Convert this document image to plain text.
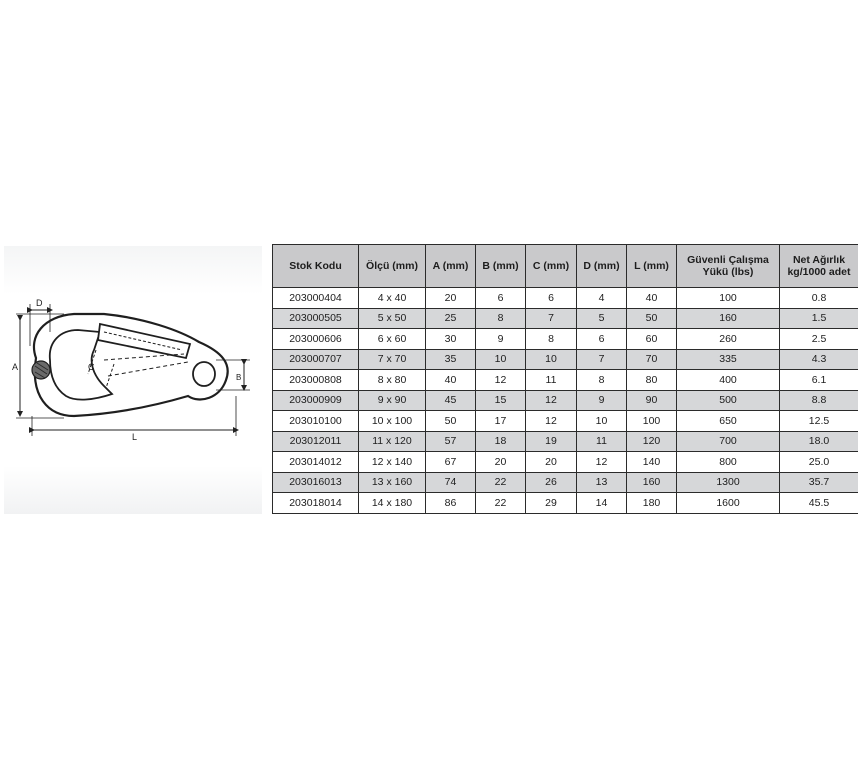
C
D
A
B
L
Stok Kodu	Ölçü (mm)	A (mm)	B (mm)	C (mm)	D (mm)	L (mm)	Güvenli Çalışma Yükü (lbs)	Net Ağırlık kg/1000 adet
203000404	4 x 40	20	6	6	4	40	100	0.8
203000505	5 x 50	25	8	7	5	50	160	1.5
203000606	6 x 60	30	9	8	6	60	260	2.5
203000707	7 x 70	35	10	10	7	70	335	4.3
203000808	8 x 80	40	12	11	8	80	400	6.1
203000909	9 x 90	45	15	12	9	90	500	8.8
203010100	10 x 100	50	17	12	10	100	650	12.5
203012011	11 x 120	57	18	19	11	120	700	18.0
203014012	12 x 140	67	20	20	12	140	800	25.0
203016013	13 x 160	74	22	26	13	160	1300	35.7
203018014	14 x 180	86	22	29	14	180	1600	45.5
